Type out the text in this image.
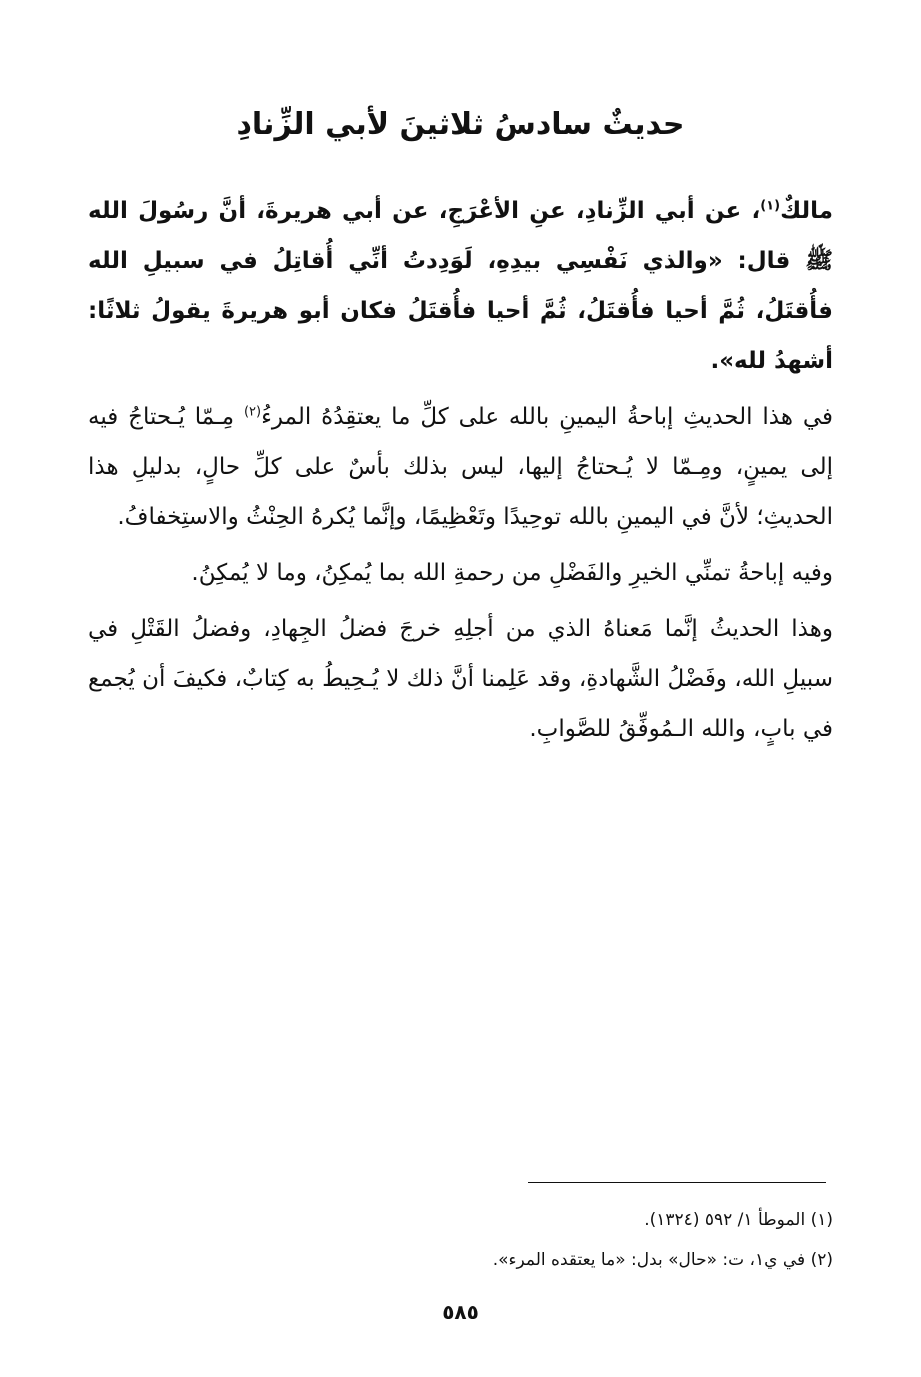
حديثٌ سادسُ ثلاثينَ لأبي الزِّنادِ

مالكٌ$^{(١)}$، عن أبي الزِّنادِ، عنِ الأعْرَجِ، عن أبي هريرةَ، أنَّ رسُولَ الله ﷺ قال: «والذي نَفْسِي بيدِهِ، لَوَدِدتُ أنِّي أُقاتِلُ في سبيلِ الله فأُقتَلُ، ثُمَّ أحيا فأُقتَلُ، ثُمَّ أحيا فأُقتَلُ فكان أبو هريرةَ يقولُ ثلاثًا: أشهدُ لله».

في هذا الحديثِ إباحةُ اليمينِ بالله على كلِّ ما يعتقِدُهُ المرءُ$^{(٢)}$ مِـمّا يُـحتاجُ فيه إلى يمينٍ، ومِـمّا لا يُـحتاجُ إليها، ليس بذلك بأسٌ على كلِّ حالٍ، بدليلِ هذا الحديثِ؛ لأنَّ في اليمينِ بالله توحِيدًا وتَعْظِيمًا، وإنَّما يُكرهُ الحِنْثُ والاستِخفافُ.

وفيه إباحةُ تمنِّي الخيرِ والفَضْلِ من رحمةِ الله بما يُمكِنُ، وما لا يُمكِنُ.

وهذا الحديثُ إنَّما مَعناهُ الذي من أجلِهِ خرجَ فضلُ الجِهادِ، وفضلُ القَتْلِ في سبيلِ الله، وفَضْلُ الشَّهادةِ، وقد عَلِمنا أنَّ ذلك لا يُـحِيطُ به كِتابٌ، فكيفَ أن يُجمع في بابٍ، والله الـمُوفِّقُ للصَّوابِ.

(١) الموطأ ١/ ٥٩٢ (١٣٢٤).

(٢) في ي١، ت: «حال» بدل: «ما يعتقده المرء».

٥٨٥
